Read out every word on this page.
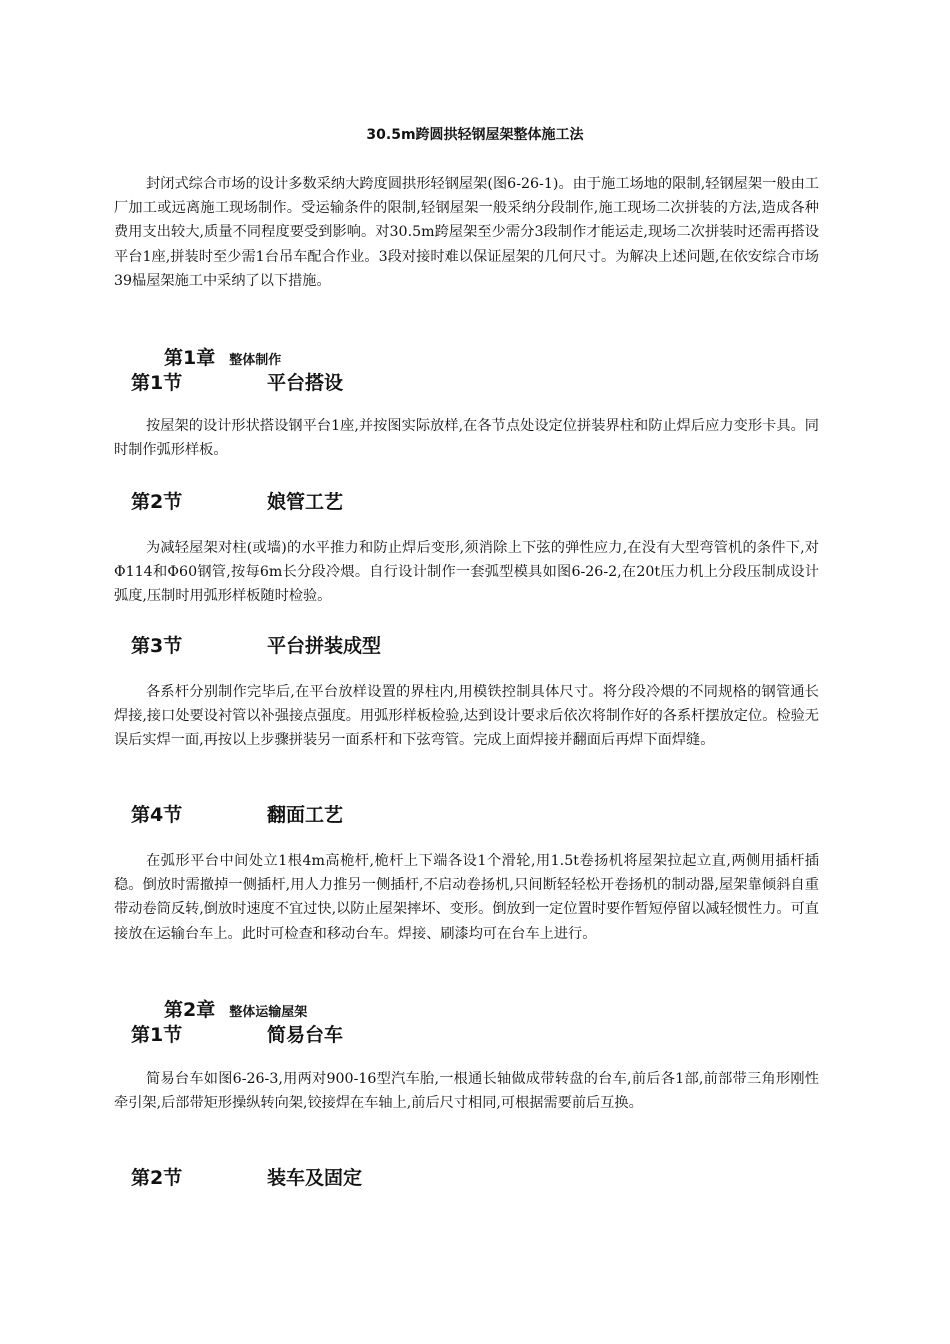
30.5m跨圆拱轻钢屋架整体施工法

封闭式综合市场的设计多数采纳大跨度圆拱形轻钢屋架(图6-26-1)。由于施工场地的限制,轻钢屋架一般由工厂加工或远离施工现场制作。受运输条件的限制,轻钢屋架一般采纳分段制作,施工现场二次拼装的方法,造成各种费用支出较大,质量不同程度要受到影响。对30.5m跨屋架至少需分3段制作才能运走,现场二次拼装时还需再搭设平台1座,拼装时至少需1台吊车配合作业。3段对接时难以保证屋架的几何尺寸。为解决上述问题,在依安综合市场39榀屋架施工中采纳了以下措施。

第1章 整体制作
第1节	平台搭设

按屋架的设计形状搭设钢平台1座,并按图实际放样,在各节点处设定位拼装界柱和防止焊后应力变形卡具。同时制作弧形样板。

第2节	娘管工艺

为减轻屋架对柱(或墙)的水平推力和防止焊后变形,须消除上下弦的弹性应力,在没有大型弯管机的条件下,对Φ114和Φ60钢管,按每6m长分段冷煨。自行设计制作一套弧型模具如图6-26-2,在20t压力机上分段压制成设计弧度,压制时用弧形样板随时检验。

第3节	平台拼装成型

各系杆分别制作完毕后,在平台放样设置的界柱内,用模铁控制具体尺寸。将分段冷煨的不同规格的钢管通长焊接,接口处要设衬管以补强接点强度。用弧形样板检验,达到设计要求后依次将制作好的各系杆摆放定位。检验无误后实焊一面,再按以上步骤拼装另一面系杆和下弦弯管。完成上面焊接并翻面后再焊下面焊缝。

第4节	翻面工艺

在弧形平台中间处立1根4m高桅杆,桅杆上下端各设1个滑轮,用1.5t卷扬机将屋架拉起立直,两侧用插杆插稳。倒放时需撤掉一侧插杆,用人力推另一侧插杆,不启动卷扬机,只间断轻轻松开卷扬机的制动器,屋架靠倾斜自重带动卷筒反转,倒放时速度不宜过快,以防止屋架摔坏、变形。倒放到一定位置时要作暂短停留以减轻惯性力。可直接放在运输台车上。此时可检查和移动台车。焊接、刷漆均可在台车上进行。

第2章 整体运输屋架
第1节	简易台车

简易台车如图6-26-3,用两对900-16型汽车胎,一根通长轴做成带转盘的台车,前后各1部,前部带三角形刚性牵引架,后部带矩形操纵转向架,铰接焊在车轴上,前后尺寸相同,可根据需要前后互换。

第2节	装车及固定
